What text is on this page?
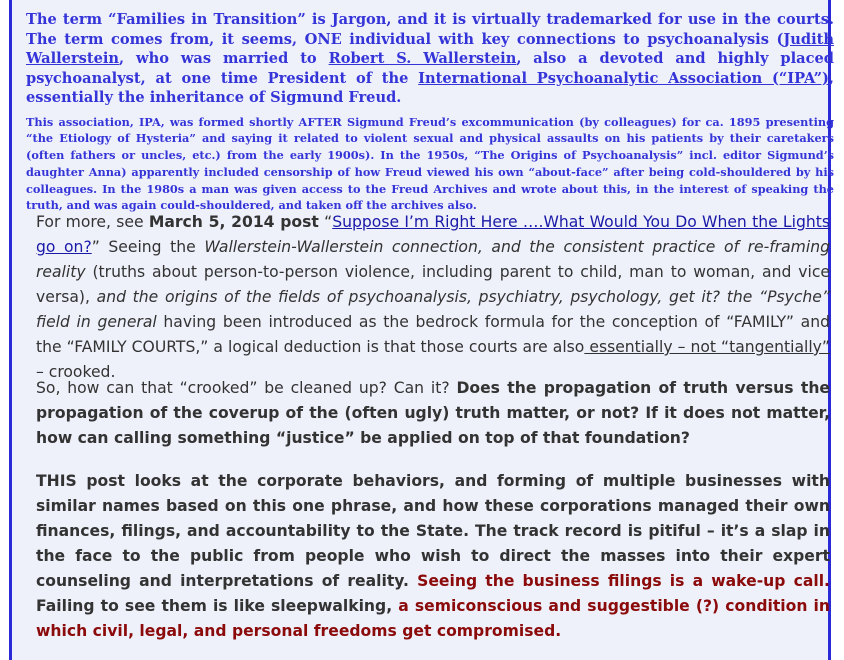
The term “Families in Transition” is Jargon, and it is virtually trademarked for use in the courts. The term comes from, it seems, ONE individual with key connections to psychoanalysis (Judith Wallerstein, who was married to Robert S. Wallerstein, also a devoted and highly placed psychoanalyst, at one time President of the International Psychoanalytic Association (“IPA”), essentially the inheritance of Sigmund Freud.

This association, IPA, was formed shortly AFTER Sigmund Freud’s excommunication (by colleagues) for ca. 1895 presenting “the Etiology of Hysteria” and saying it related to violent sexual and physical assaults on his patients by their caretakers (often fathers or uncles, etc.) from the early 1900s). In the 1950s, “The Origins of Psychoanalysis” incl. editor Sigmund’s daughter Anna) apparently included censorship of how Freud viewed his own “about-face” after being cold-shouldered by his colleagues. In the 1980s a man was given access to the Freud Archives and wrote about this, in the interest of speaking the truth, and was again could-shouldered, and taken off the archives also.

For more, see March 5, 2014 post “Suppose I’m Right Here ….What Would You Do When the Lights go on?” Seeing the Wallerstein-Wallerstein connection, and the consistent practice of re-framing reality (truths about person-to-person violence, including parent to child, man to woman, and vice versa), and the origins of the fields of psychoanalysis, psychiatry, psychology, get it? the “Psyche” field in general having been introduced as the bedrock formula for the conception of “FAMILY” and the “FAMILY COURTS,” a logical deduction is that those courts are also essentially – not “tangentially” – crooked.

So, how can that “crooked” be cleaned up? Can it? Does the propagation of truth versus the propagation of the coverup of the (often ugly) truth matter, or not? If it does not matter, how can calling something “justice” be applied on top of that foundation?

THIS post looks at the corporate behaviors, and forming of multiple businesses with similar names based on this one phrase, and how these corporations managed their own finances, filings, and accountability to the State. The track record is pitiful – it’s a slap in the face to the public from people who wish to direct the masses into their expert counseling and interpretations of reality. Seeing the business filings is a wake-up call. Failing to see them is like sleepwalking, a semiconscious and suggestible (?) condition in which civil, legal, and personal freedoms get compromised.
